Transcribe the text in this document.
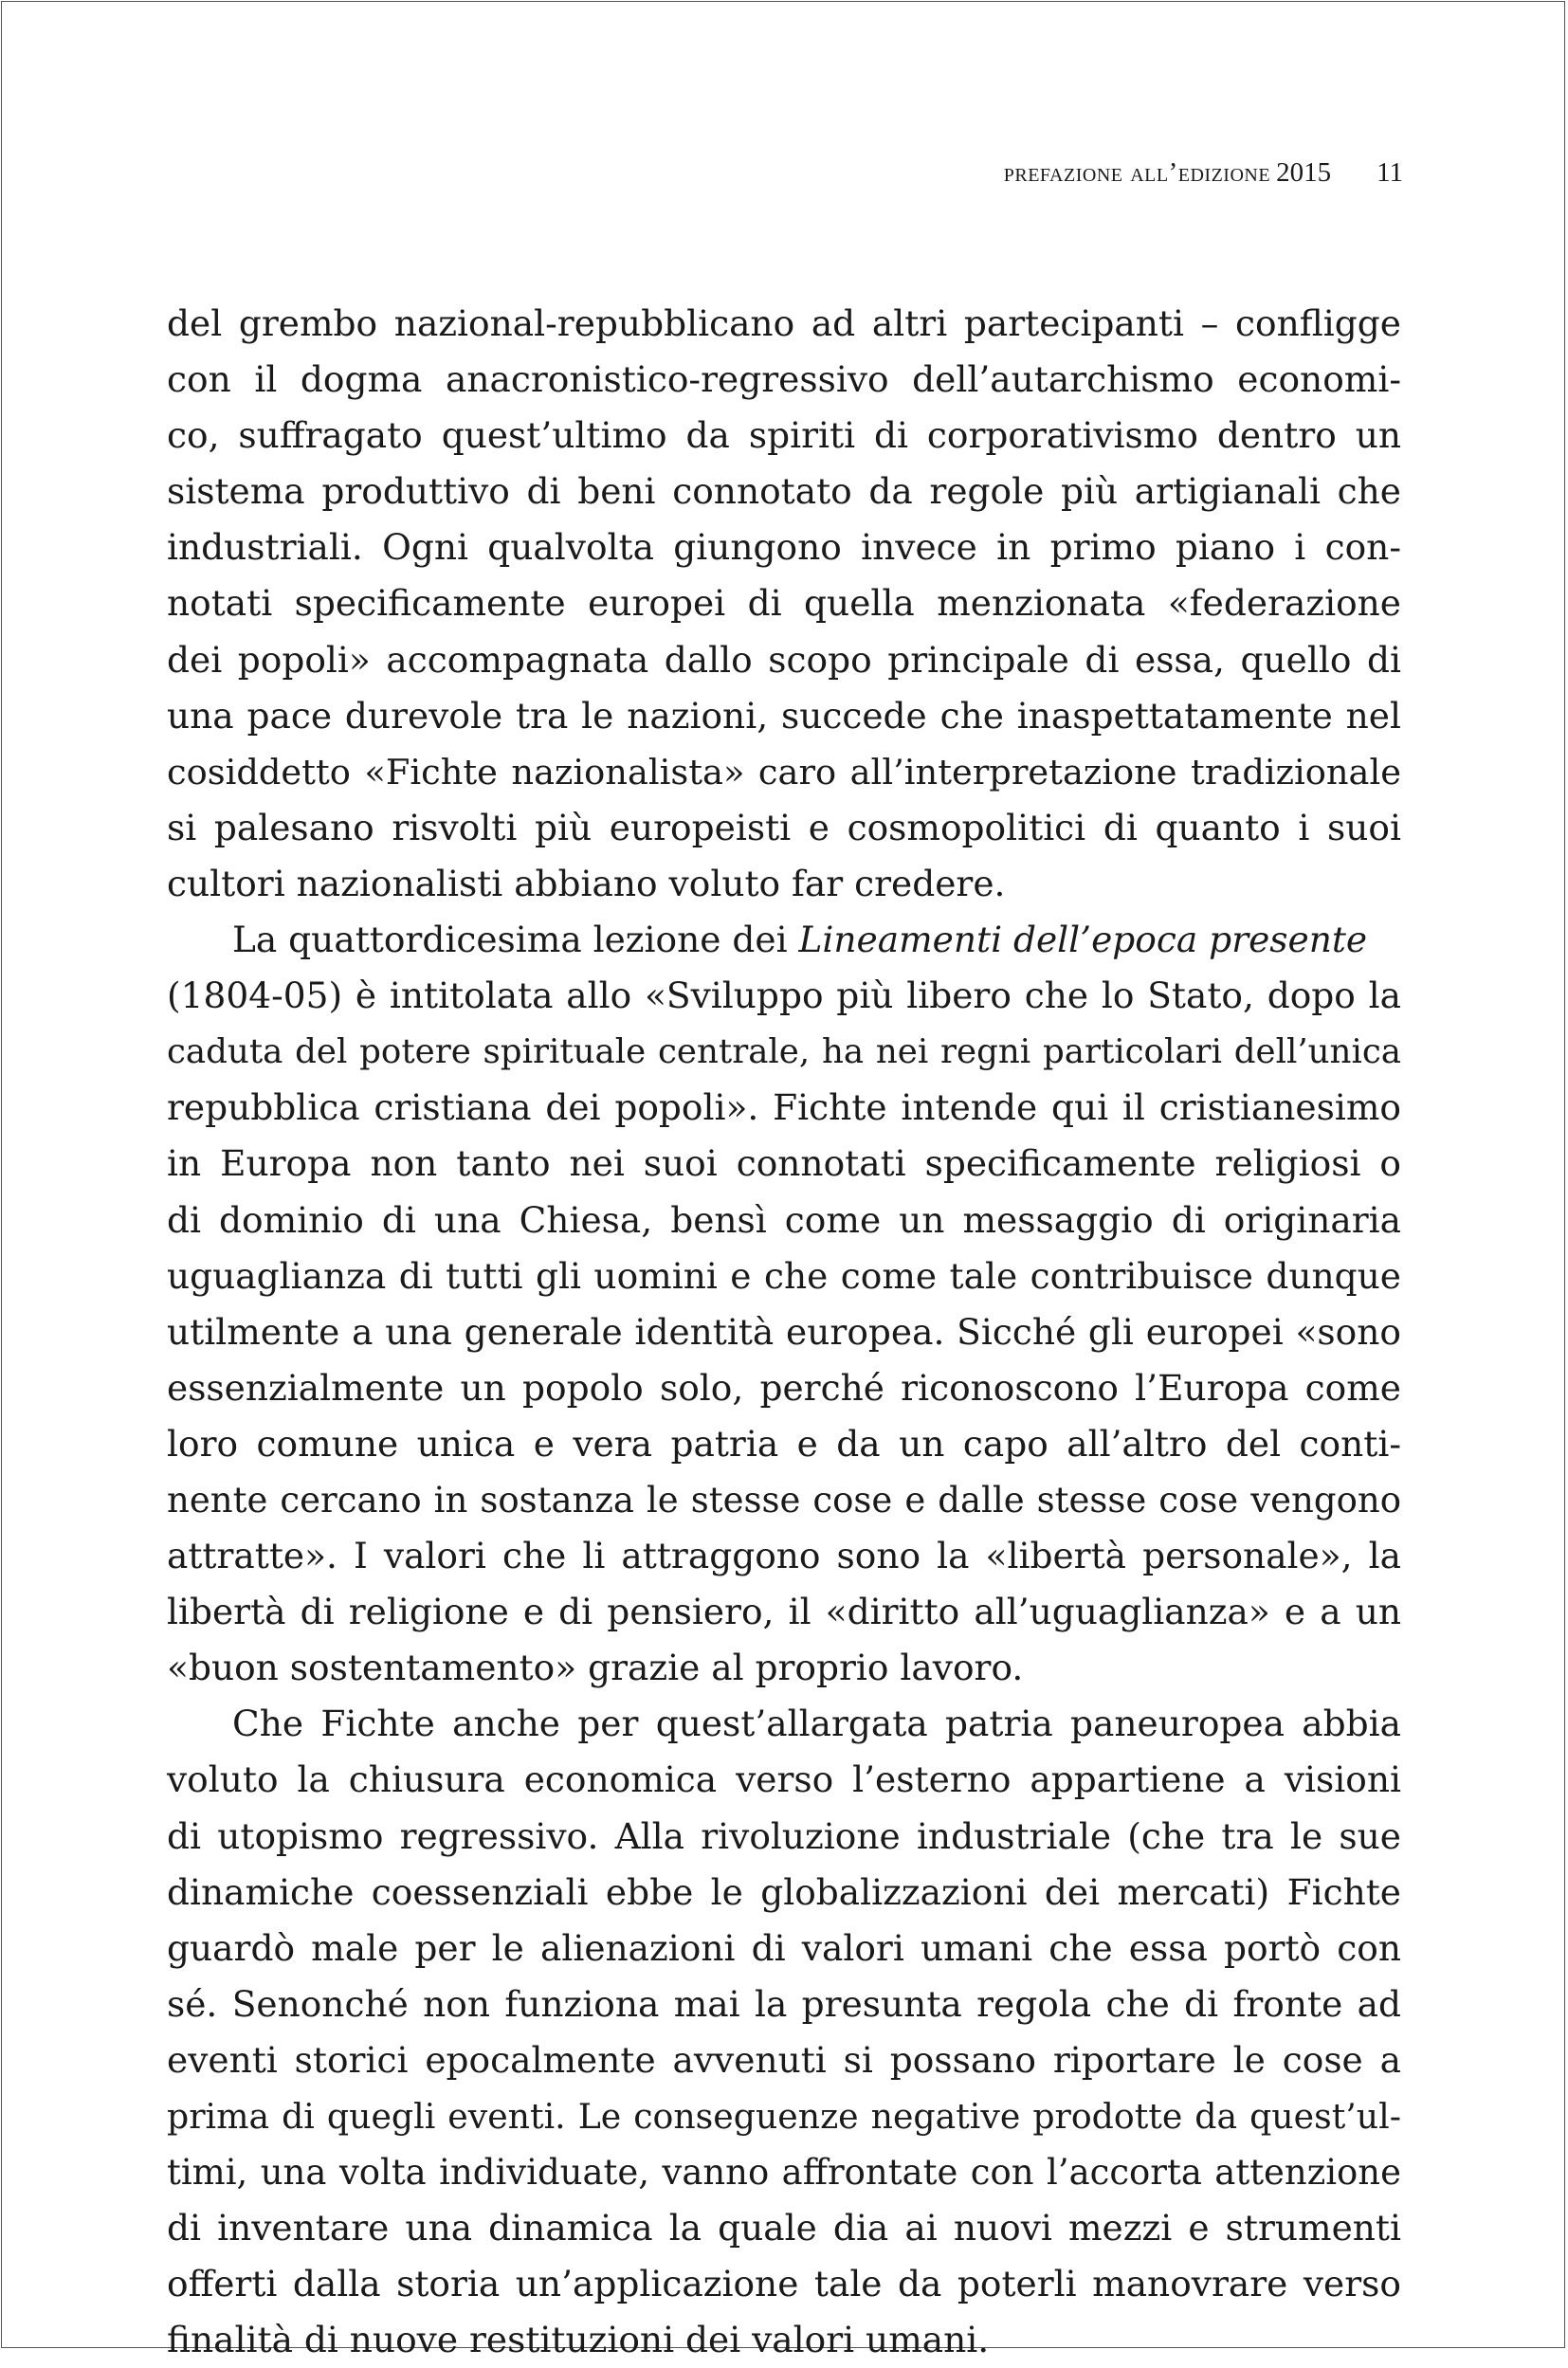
prefazione all’edizione 2015 11
del grembo nazional-repubblicano ad altri partecipanti – confligge
con il dogma anacronistico-regressivo dell’autarchismo economi-
co, suffragato quest’ultimo da spiriti di corporativismo dentro un
sistema produttivo di beni connotato da regole più artigianali che
industriali. Ogni qualvolta giungono invece in primo piano i con-
notati specificamente europei di quella menzionata «federazione
dei popoli» accompagnata dallo scopo principale di essa, quello di
una pace durevole tra le nazioni, succede che inaspettatamente nel
cosiddetto «Fichte nazionalista» caro all’interpretazione tradizionale
si palesano risvolti più europeisti e cosmopolitici di quanto i suoi
cultori nazionalisti abbiano voluto far credere.
La quattordicesima lezione dei Lineamenti dell’epoca presente
(1804-05) è intitolata allo «Sviluppo più libero che lo Stato, dopo la
caduta del potere spirituale centrale, ha nei regni particolari dell’unica
repubblica cristiana dei popoli». Fichte intende qui il cristianesimo
in Europa non tanto nei suoi connotati specificamente religiosi o
di dominio di una Chiesa, bensì come un messaggio di originaria
uguaglianza di tutti gli uomini e che come tale contribuisce dunque
utilmente a una generale identità europea. Sicché gli europei «sono
essenzialmente un popolo solo, perché riconoscono l’Europa come
loro comune unica e vera patria e da un capo all’altro del conti-
nente cercano in sostanza le stesse cose e dalle stesse cose vengono
attratte». I valori che li attraggono sono la «libertà personale», la
libertà di religione e di pensiero, il «diritto all’uguaglianza» e a un
«buon sostentamento» grazie al proprio lavoro.
Che Fichte anche per quest’allargata patria paneuropea abbia
voluto la chiusura economica verso l’esterno appartiene a visioni
di utopismo regressivo. Alla rivoluzione industriale (che tra le sue
dinamiche coessenziali ebbe le globalizzazioni dei mercati) Fichte
guardò male per le alienazioni di valori umani che essa portò con
sé. Senonché non funziona mai la presunta regola che di fronte ad
eventi storici epocalmente avvenuti si possano riportare le cose a
prima di quegli eventi. Le conseguenze negative prodotte da quest’ul-
timi, una volta individuate, vanno affrontate con l’accorta attenzione
di inventare una dinamica la quale dia ai nuovi mezzi e strumenti
offerti dalla storia un’applicazione tale da poterli manovrare verso
finalità di nuove restituzioni dei valori umani.
